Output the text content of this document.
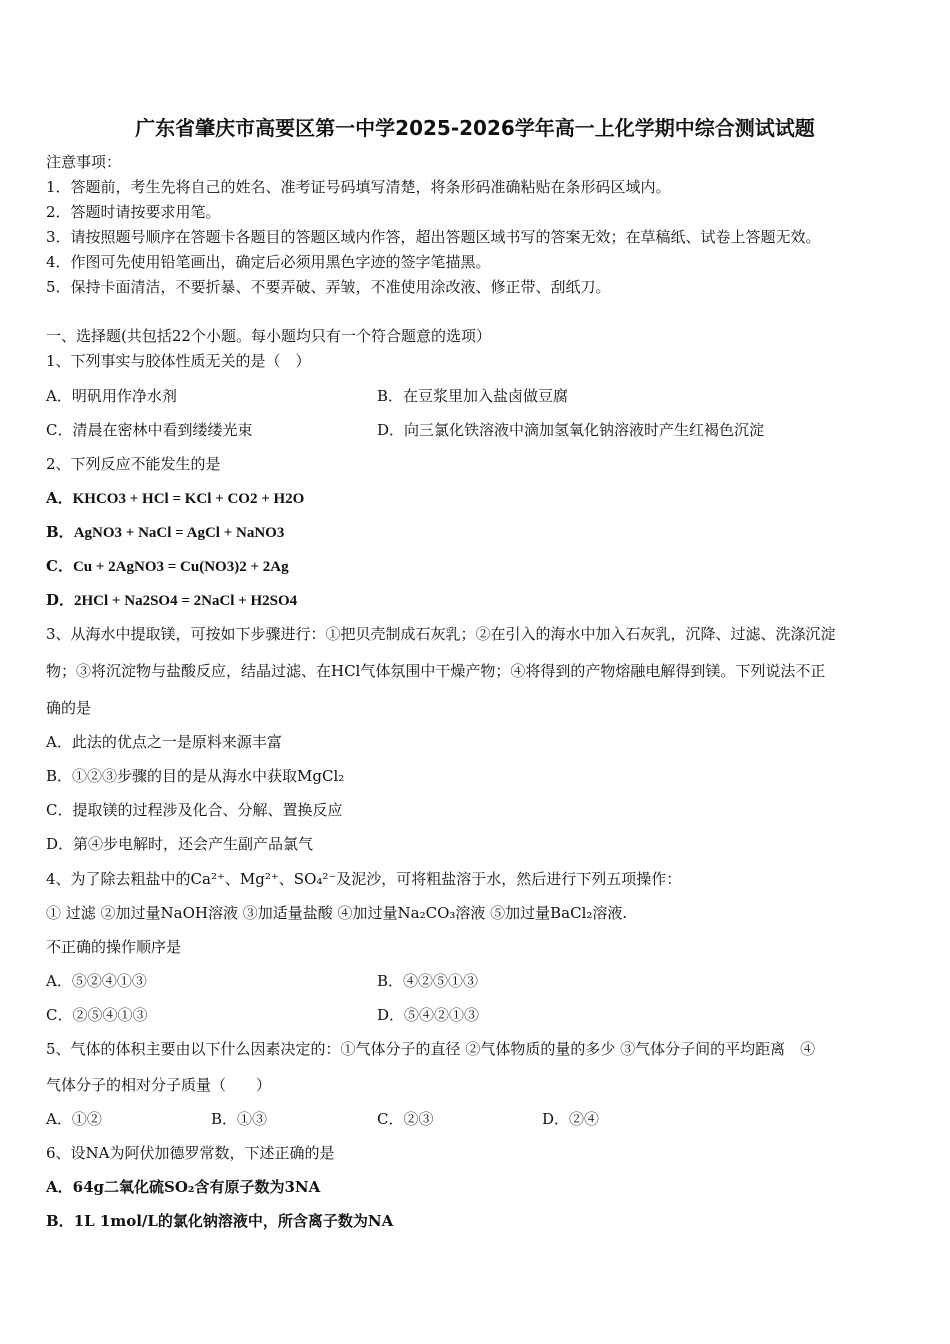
广东省肇庆市高要区第一中学2025-2026学年高一上化学期中综合测试试题
注意事项：
1．答题前，考生先将自己的姓名、准考证号码填写清楚，将条形码准确粘贴在条形码区域内。
2．答题时请按要求用笔。
3．请按照题号顺序在答题卡各题目的答题区域内作答，超出答题区域书写的答案无效；在草稿纸、试卷上答题无效。
4．作图可先使用铅笔画出，确定后必须用黑色字迹的签字笔描黑。
5．保持卡面清洁，不要折暴、不要弄破、弄皱，不准使用涂改液、修正带、刮纸刀。
一、选择题(共包括22个小题。每小题均只有一个符合题意的选项）
1、下列事实与胶体性质无关的是（　）
A．明矾用作净水剂	B．在豆浆里加入盐卤做豆腐
C．清晨在密林中看到缕缕光束	D．向三氯化铁溶液中滴加氢氧化钠溶液时产生红褐色沉淀
2、下列反应不能发生的是
A．KHCO3 + HCl = KCl + CO2 + H2O
B．AgNO3 + NaCl = AgCl + NaNO3
C．Cu + 2AgNO3 = Cu(NO3)2 + 2Ag
D．2HCl + Na2SO4 = 2NaCl + H2SO4
3、从海水中提取镁，可按如下步骤进行：①把贝壳制成石灰乳；②在引入的海水中加入石灰乳，沉降、过滤、洗涤沉淀
物；③将沉淀物与盐酸反应，结晶过滤、在HCl气体氛围中干燥产物；④将得到的产物熔融电解得到镁。下列说法不正
确的是
A．此法的优点之一是原料来源丰富
B．①②③步骤的目的是从海水中获取MgCl₂
C．提取镁的过程涉及化合、分解、置换反应
D．第④步电解时，还会产生副产品氯气
4、为了除去粗盐中的Ca²⁺、Mg²⁺、SO₄²⁻及泥沙，可将粗盐溶于水，然后进行下列五项操作：
① 过滤 ②加过量NaOH溶液 ③加适量盐酸 ④加过量Na₂CO₃溶液 ⑤加过量BaCl₂溶液.
不正确的操作顺序是
A．⑤②④①③	B．④②⑤①③
C．②⑤④①③	D．⑤④②①③
5、气体的体积主要由以下什么因素决定的：①气体分子的直径 ②气体物质的量的多少 ③气体分子间的平均距离　④
气体分子的相对分子质量（　　）
A．①②	B．①③	C．②③	D．②④
6、设NA为阿伏加德罗常数，下述正确的是
A．64g二氧化硫SO₂含有原子数为3NA
B．1L 1mol/L的氯化钠溶液中，所含离子数为NA
